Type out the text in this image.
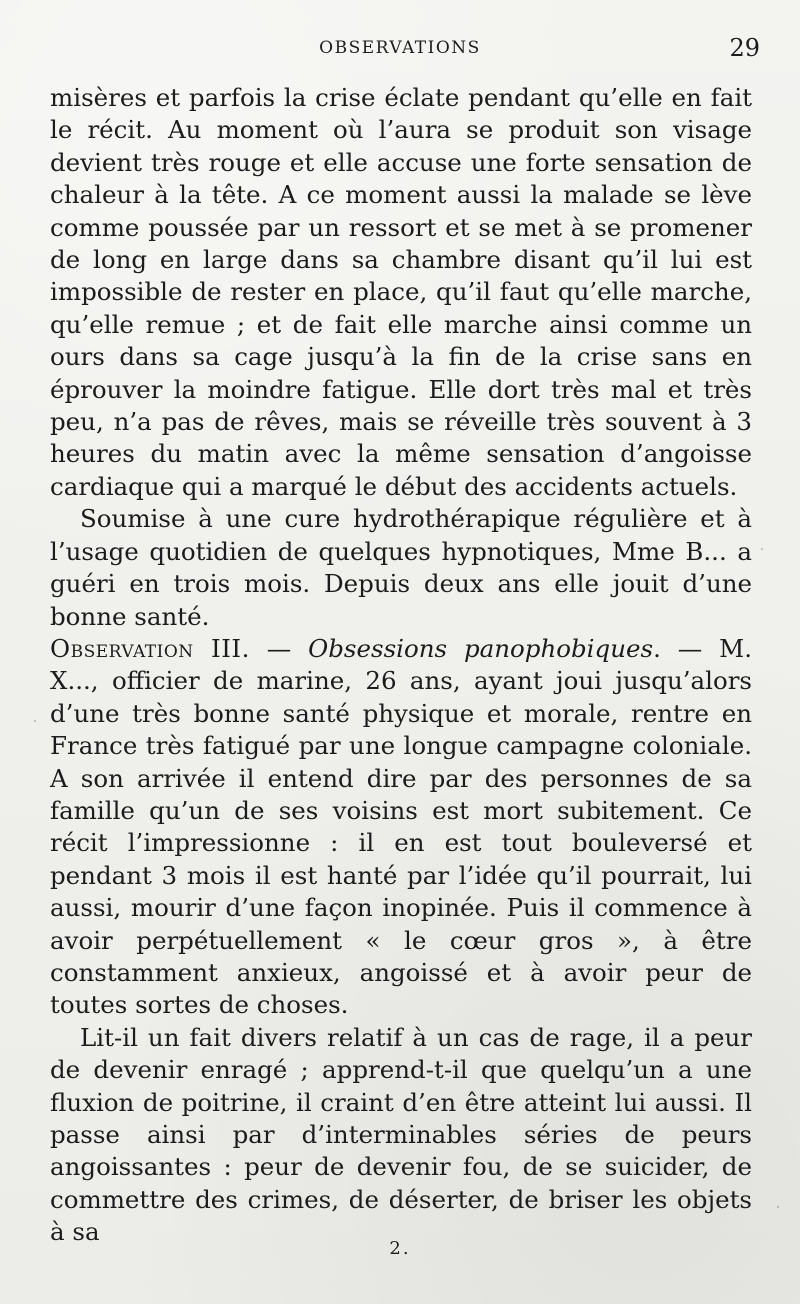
OBSERVATIONS	29

misères et parfois la crise éclate pendant qu’elle en fait le récit. Au moment où l’aura se produit son visage devient très rouge et elle accuse une forte sensation de chaleur à la tête. A ce moment aussi la malade se lève comme poussée par un ressort et se met à se promener de long en large dans sa chambre disant qu’il lui est impossible de rester en place, qu’il faut qu’elle marche, qu’elle remue ; et de fait elle marche ainsi comme un ours dans sa cage jusqu’à la fin de la crise sans en éprouver la moindre fatigue. Elle dort très mal et très peu, n’a pas de rêves, mais se réveille très souvent à 3 heures du matin avec la même sensation d’angoisse cardiaque qui a marqué le début des accidents actuels.

Soumise à une cure hydrothérapique régulière et à l’usage quotidien de quelques hypnotiques, Mme B... a guéri en trois mois. Depuis deux ans elle jouit d’une bonne santé.

Observation III. — Obsessions panophobiques. — M. X..., officier de marine, 26 ans, ayant joui jusqu’alors d’une très bonne santé physique et morale, rentre en France très fatigué par une longue campagne coloniale. A son arrivée il entend dire par des personnes de sa famille qu’un de ses voisins est mort subitement. Ce récit l’impressionne : il en est tout bouleversé et pendant 3 mois il est hanté par l’idée qu’il pourrait, lui aussi, mourir d’une façon inopinée. Puis il commence à avoir perpétuellement « le cœur gros », à être constamment anxieux, angoissé et à avoir peur de toutes sortes de choses.

Lit-il un fait divers relatif à un cas de rage, il a peur de devenir enragé ; apprend-t-il que quelqu’un a une fluxion de poitrine, il craint d’en être atteint lui aussi. Il passe ainsi par d’interminables séries de peurs angoissantes : peur de devenir fou, de se suicider, de commettre des crimes, de déserter, de briser les objets à sa

2.
